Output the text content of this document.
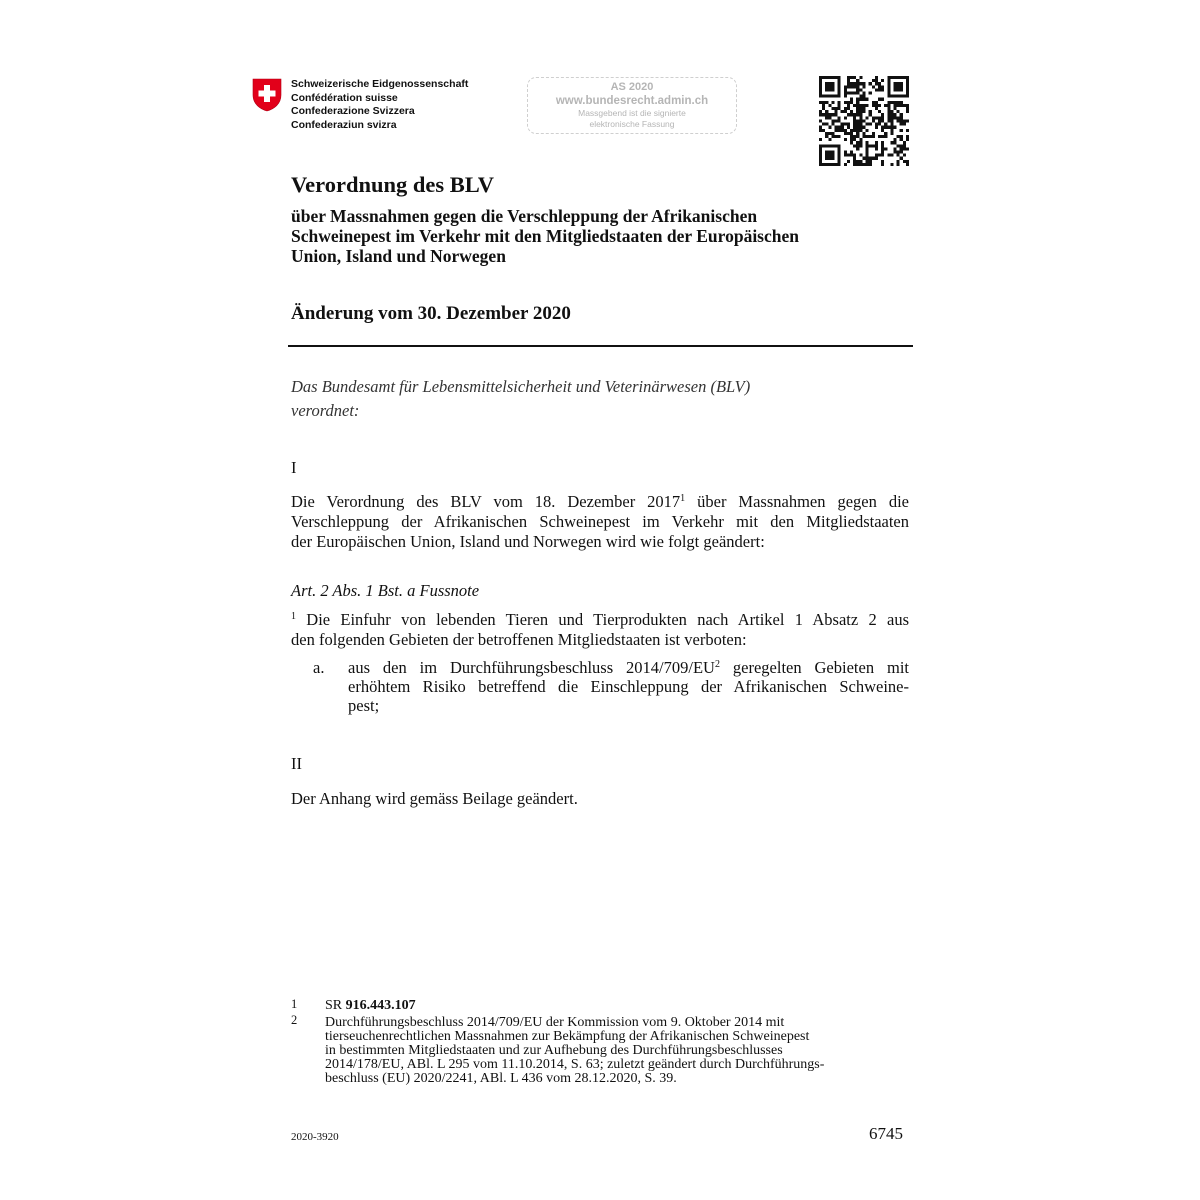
Schweizerische Eidgenossenschaft
Confédération suisse
Confederazione Svizzera
Confederaziun svizra
AS 2020
www.bundesrecht.admin.ch
Massgebend ist die signierte
elektronische Fassung
Verordnung des BLV
über Massnahmen gegen die Verschleppung der Afrikanischen
Schweinepest im Verkehr mit den Mitgliedstaaten der Europäischen
Union, Island und Norwegen
Änderung vom 30. Dezember 2020
Das Bundesamt für Lebensmittelsicherheit und Veterinärwesen (BLV)
verordnet:
I
Die Verordnung des BLV vom 18. Dezember 2017$^1$ über Massnahmen gegen die
Verschleppung der Afrikanischen Schweinepest im Verkehr mit den Mitgliedstaaten
der Europäischen Union, Island und Norwegen wird wie folgt geändert:
Art. 2 Abs. 1 Bst. a Fussnote
$^1$ Die Einfuhr von lebenden Tieren und Tierprodukten nach Artikel 1 Absatz 2 aus
den folgenden Gebieten der betroffenen Mitgliedstaaten ist verboten:
a. aus den im Durchführungsbeschluss $2014/709/EU^2$ geregelten Gebieten mit
erhöhtem Risiko betreffend die Einschleppung der Afrikanischen Schweine-
pest;
II
Der Anhang wird gemäss Beilage geändert.
1 SR 916.443.107
2 Durchführungsbeschluss 2014/709/EU der Kommission vom 9. Oktober 2014 mit
tierseuchenrechtlichen Massnahmen zur Bekämpfung der Afrikanischen Schweinepest
in bestimmten Mitgliedstaaten und zur Aufhebung des Durchführungsbeschlusses
2014/178/EU, ABl. L 295 vom 11.10.2014, S. 63; zuletzt geändert durch Durchführungs-
beschluss (EU) 2020/2241, ABl. L 436 vom 28.12.2020, S. 39.
2020-3920	6745
